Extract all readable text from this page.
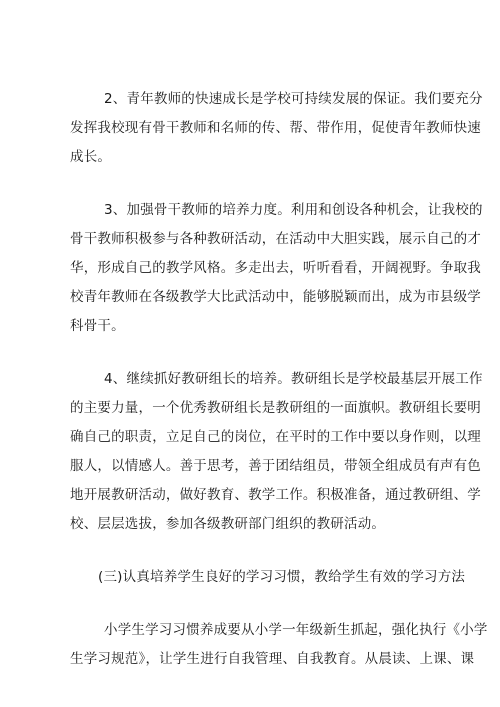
2、青年教师的快速成长是学校可持续发展的保证。我们要充分
发挥我校现有骨干教师和名师的传、帮、带作用，促使青年教师快速
成长。
3、加强骨干教师的培养力度。利用和创设各种机会，让我校的
骨干教师积极参与各种教研活动，在活动中大胆实践，展示自己的才
华，形成自己的教学风格。多走出去，听听看看，开阔视野。争取我
校青年教师在各级教学大比武活动中，能够脱颖而出，成为市县级学
科骨干。
4、继续抓好教研组长的培养。教研组长是学校最基层开展工作
的主要力量，一个优秀教研组长是教研组的一面旗帜。教研组长要明
确自己的职责，立足自己的岗位，在平时的工作中要以身作则，以理
服人，以情感人。善于思考，善于团结组员，带领全组成员有声有色
地开展教研活动，做好教育、教学工作。积极准备，通过教研组、学
校、层层选拔，参加各级教研部门组织的教研活动。
(三)认真培养学生良好的学习习惯，教给学生有效的学习方法
小学生学习习惯养成要从小学一年级新生抓起，强化执行《小学
生学习规范》，让学生进行自我管理、自我教育。从晨读、上课、课
